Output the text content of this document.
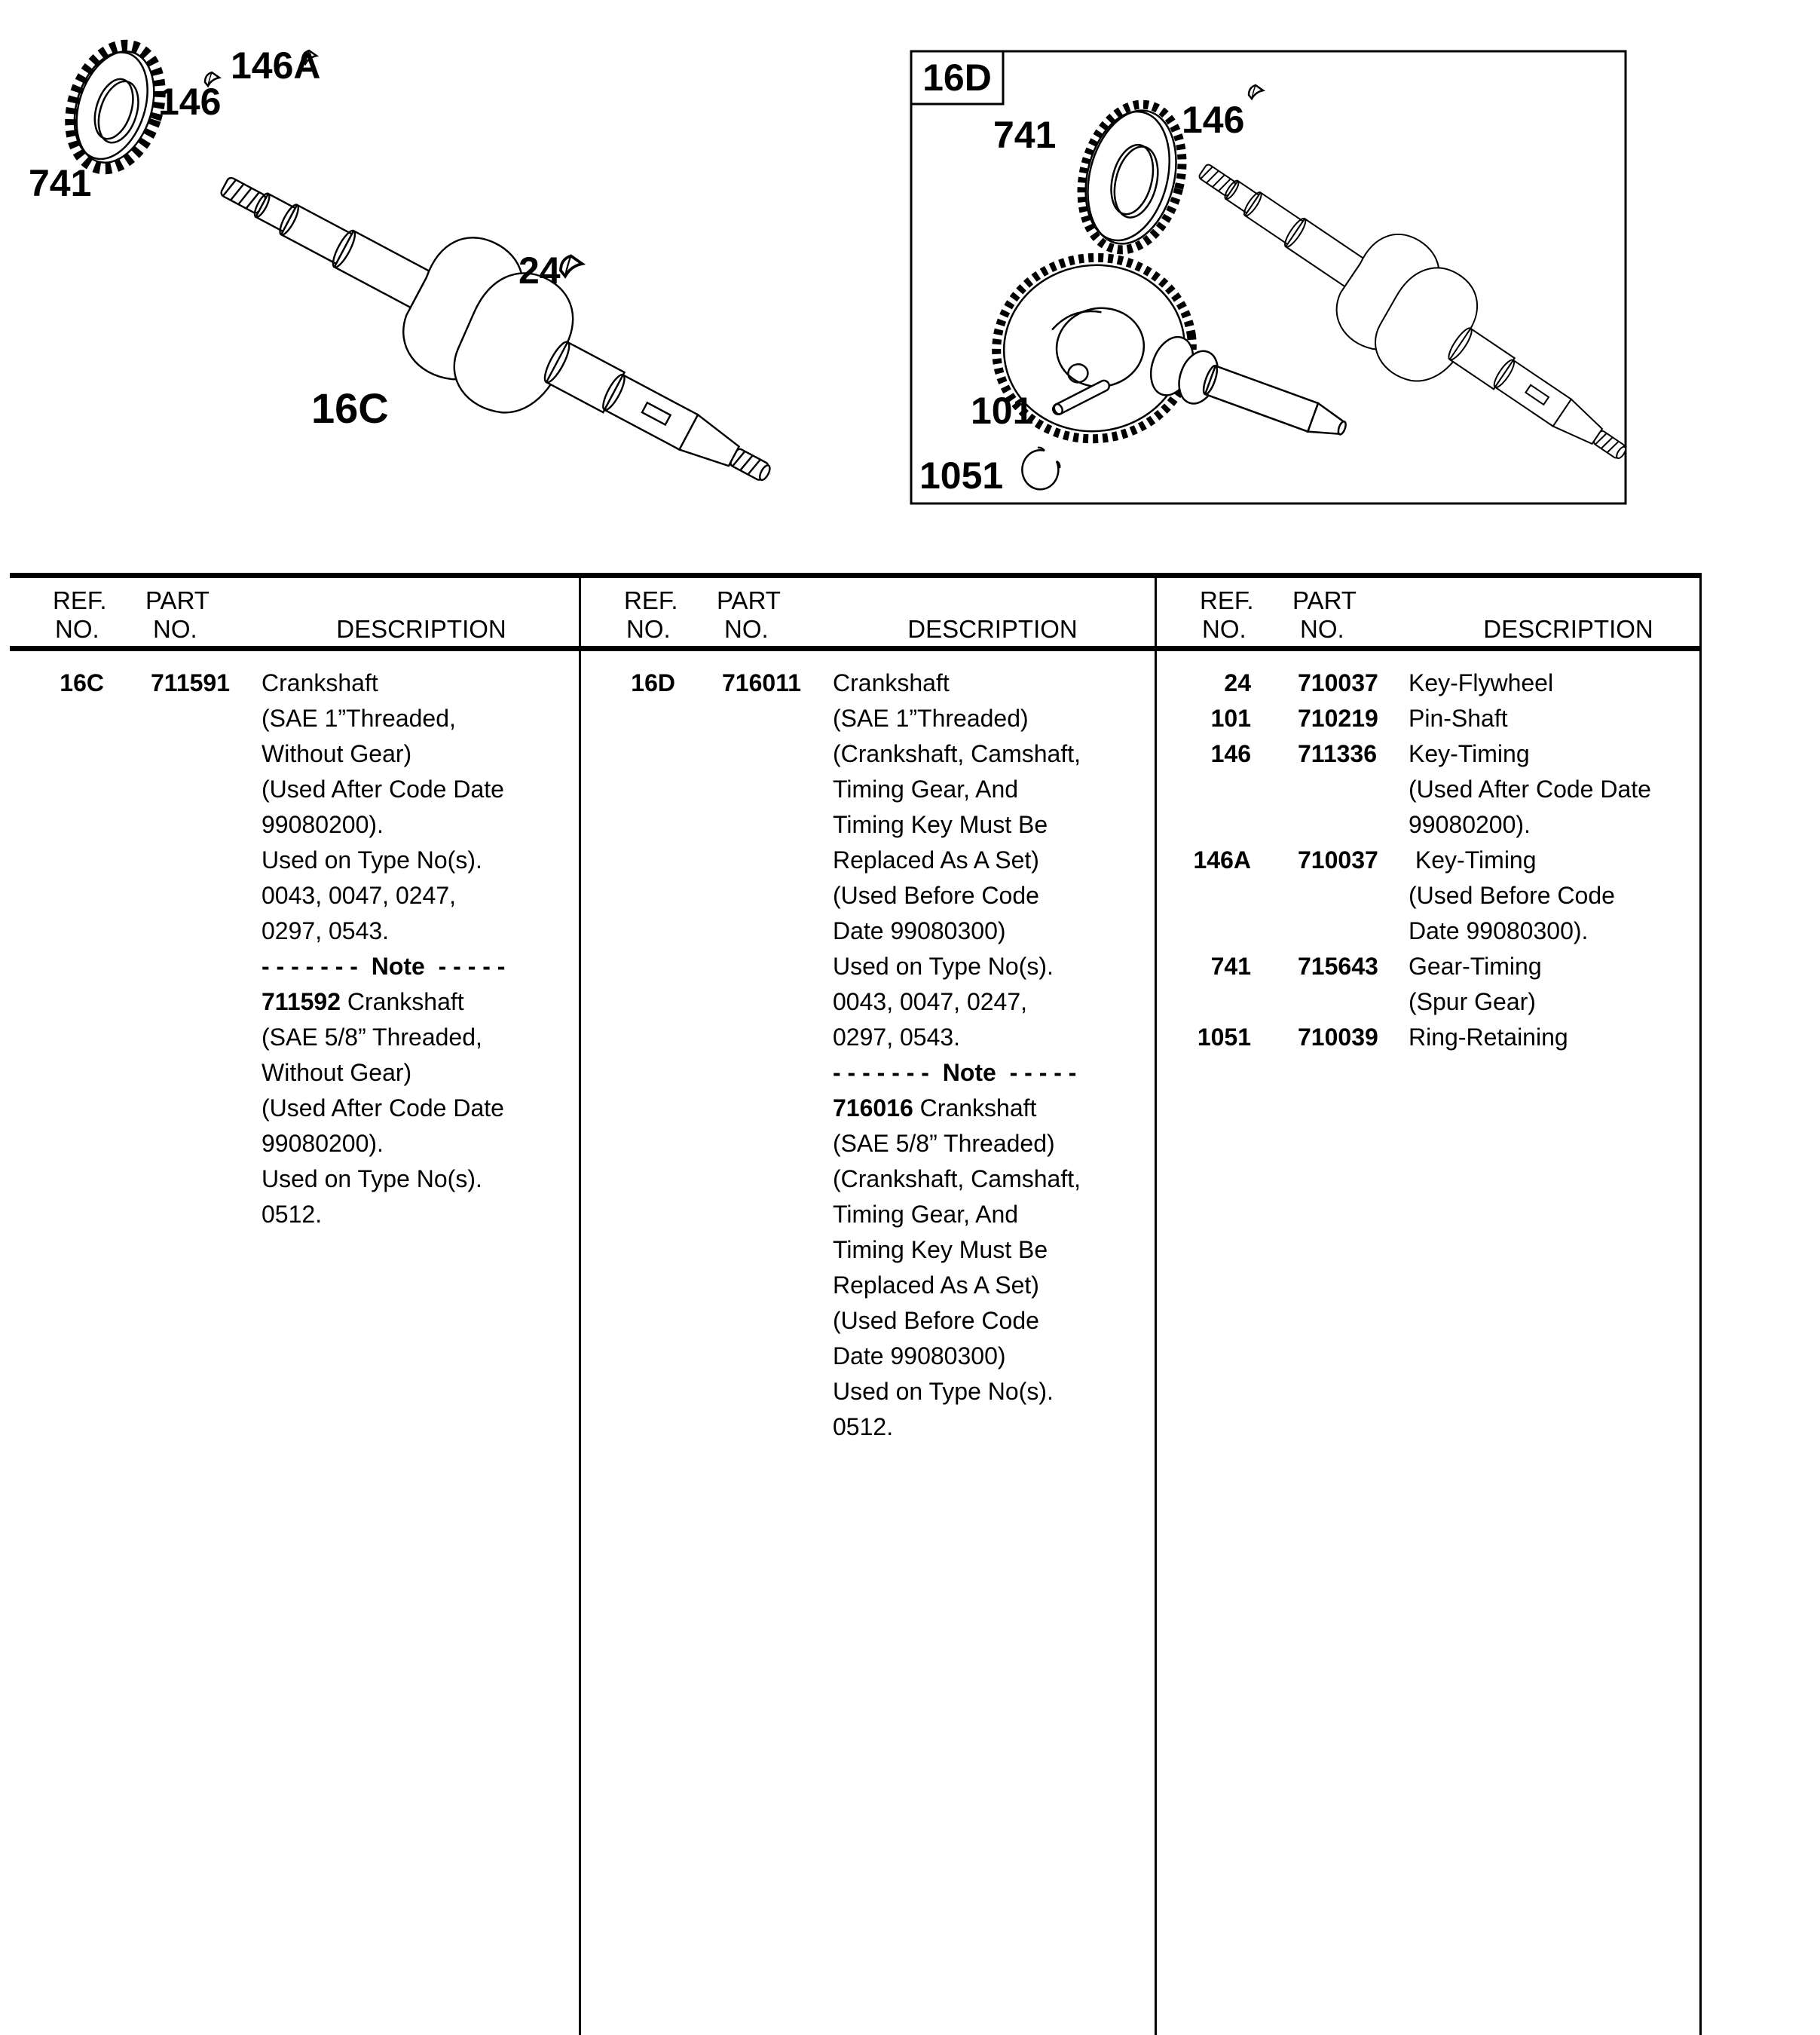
741
146
146A
16C
24
16D
741	146
101
1051
REF.
NO.
PART
NO.	DESCRIPTION
REF.
NO.
PART
NO.	DESCRIPTION
REF.
NO.
PART
NO.	DESCRIPTION
16C 711591 Crankshaft
(SAE 1”Threaded,
Without Gear)
(Used After Code Date
99080200).
Used on Type No(s).
0043, 0047, 0247,
0297, 0543.
- - - - - - -  Note  - - - - -
711592 Crankshaft
(SAE 5/8” Threaded,
Without Gear)
(Used After Code Date
99080200).
Used on Type No(s).
0512.
16D 716011 Crankshaft
(SAE 1”Threaded)
(Crankshaft, Camshaft,
Timing Gear, And
Timing Key Must Be
Replaced As A Set)
(Used Before Code
Date 99080300)
Used on Type No(s).
0043, 0047, 0247,
0297, 0543.
- - - - - - -  Note  - - - - -
716016 Crankshaft
(SAE 5/8” Threaded)
(Crankshaft, Camshaft,
Timing Gear, And
Timing Key Must Be
Replaced As A Set)
(Used Before Code
Date 99080300)
Used on Type No(s).
0512.
24 710037 Key-Flywheel
101 710219 Pin-Shaft
146 711336 Key-Timing
(Used After Code Date
99080200).
146A 710037 Key-Timing
(Used Before Code
Date 99080300).
741 715643 Gear-Timing
(Spur Gear)
1051 710039 Ring-Retaining
